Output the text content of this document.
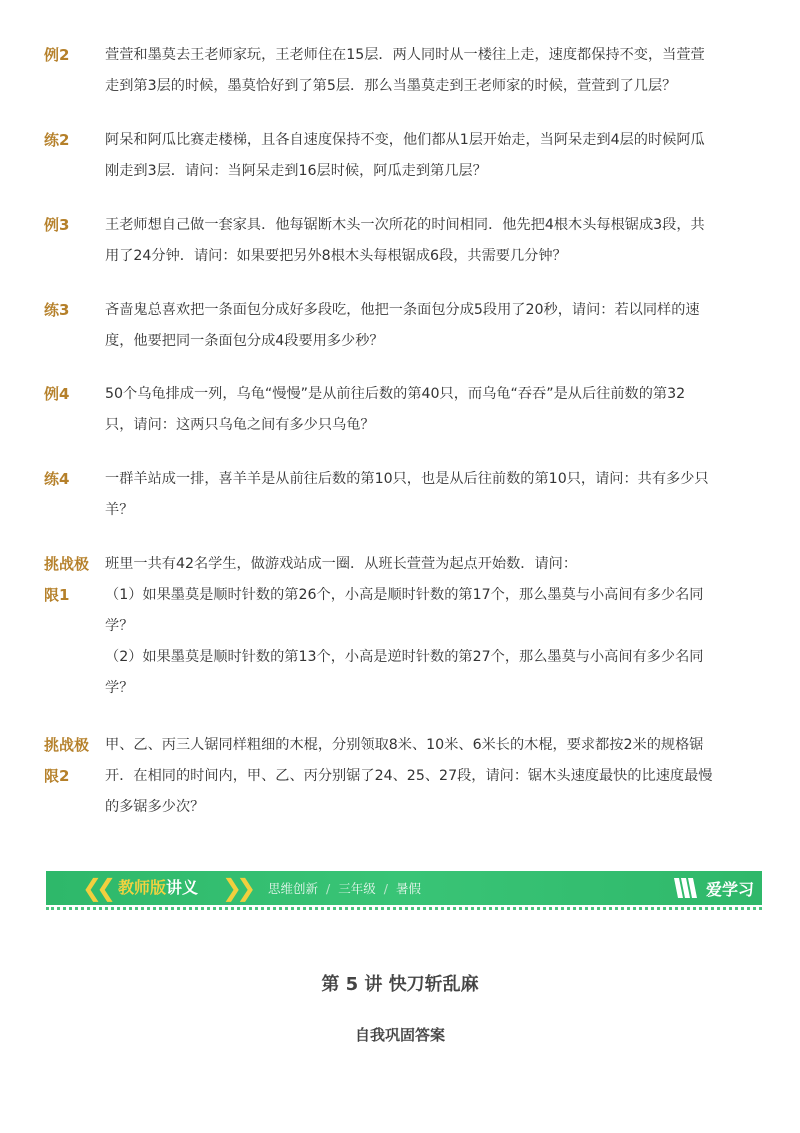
例2	萱萱和墨莫去王老师家玩，王老师住在15层．两人同时从一楼往上走，速度都保持不变，当萱萱

走到第3层的时候，墨莫恰好到了第5层．那么当墨莫走到王老师家的时候，萱萱到了几层？

练2	阿呆和阿瓜比赛走楼梯，且各自速度保持不变，他们都从1层开始走，当阿呆走到4层的时候阿瓜

刚走到3层．请问：当阿呆走到16层时候，阿瓜走到第几层？

例3	王老师想自己做一套家具．他每锯断木头一次所花的时间相同．他先把4根木头每根锯成3段，共

用了24分钟．请问：如果要把另外8根木头每根锯成6段，共需要几分钟？

练3	吝啬鬼总喜欢把一条面包分成好多段吃，他把一条面包分成5段用了20秒，请问：若以同样的速

度，他要把同一条面包分成4段要用多少秒？

例4	50个乌龟排成一列，乌龟“慢慢”是从前往后数的第40只，而乌龟“吞吞”是从后往前数的第32

只，请问：这两只乌龟之间有多少只乌龟？

练4	一群羊站成一排，喜羊羊是从前往后数的第10只，也是从后往前数的第10只，请问：共有多少只

羊？

挑战极
限1

班里一共有42名学生，做游戏站成一圈．从班长萱萱为起点开始数．请问：

（1）如果墨莫是顺时针数的第26个，小高是顺时针数的第17个，那么墨莫与小高间有多少名同

学？

（2）如果墨莫是顺时针数的第13个，小高是逆时针数的第27个，那么墨莫与小高间有多少名同

学？

挑战极
限2

甲、乙、丙三人锯同样粗细的木棍，分别领取8米、10米、6米长的木棍，要求都按2米的规格锯

开．在相同的时间内，甲、乙、丙分别锯了24、25、27段，请问：锯木头速度最快的比速度最慢

的多锯多少次？

❮❮ 教师版讲义 ❯❯ 思维创新 / 三年级 / 暑假	爱学习
第 5 讲 快刀斩乱麻
自我巩固答案
